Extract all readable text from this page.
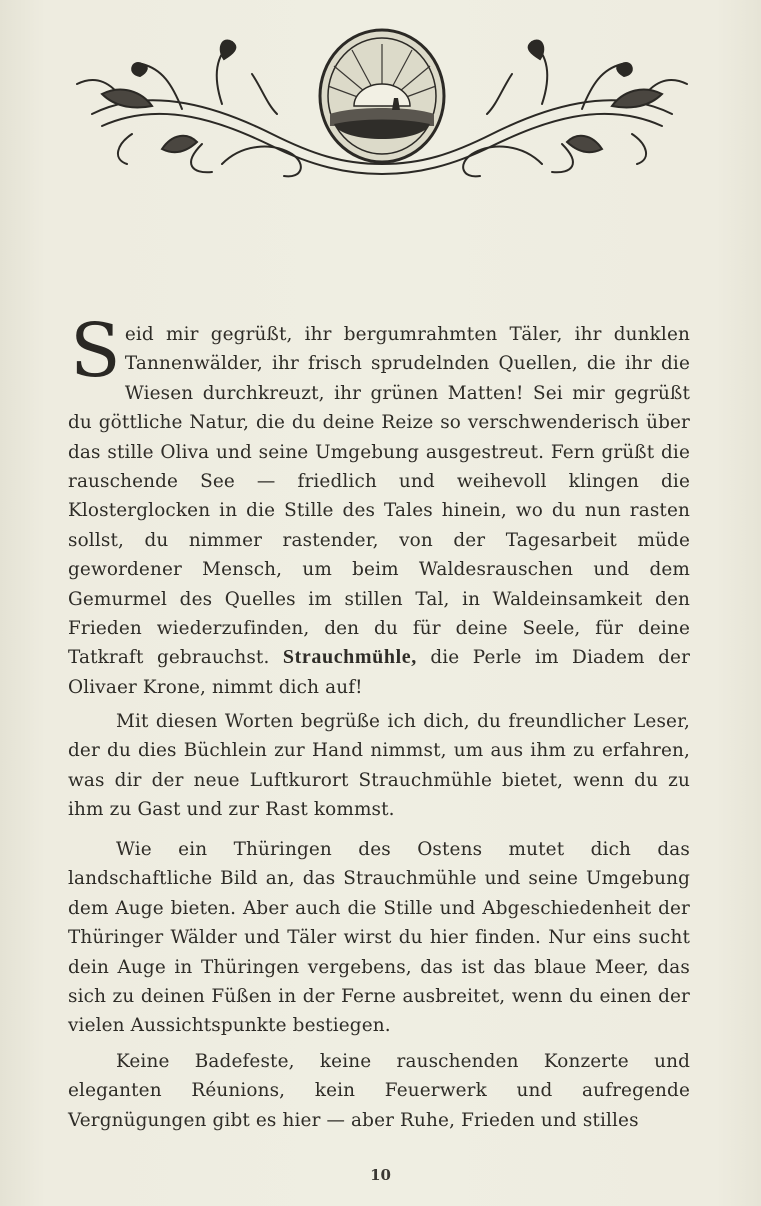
Seid mir gegrüßt, ihr bergumrahmten Täler, ihr dunklen Tannenwälder, ihr frisch sprudelnden Quellen, die ihr die Wiesen durchkreuzt, ihr grünen Matten! Sei mir gegrüßt du göttliche Natur, die du deine Reize so verschwenderisch über das stille Oliva und seine Umgebung ausgestreut. Fern grüßt die rauschende See — friedlich und weihevoll klingen die Klosterglocken in die Stille des Tales hinein, wo du nun rasten sollst, du nimmer rastender, von der Tagesarbeit müde gewordener Mensch, um beim Waldesrauschen und dem Gemurmel des Quelles im stillen Tal, in Waldeinsamkeit den Frieden wiederzufinden, den du für deine Seele, für deine Tatkraft gebrauchst. Strauchmühle, die Perle im Diadem der Olivaer Krone, nimmt dich auf!
Mit diesen Worten begrüße ich dich, du freundlicher Leser, der du dies Büchlein zur Hand nimmst, um aus ihm zu erfahren, was dir der neue Luftkurort Strauchmühle bietet, wenn du zu ihm zu Gast und zur Rast kommst.
Wie ein Thüringen des Ostens mutet dich das landschaftliche Bild an, das Strauchmühle und seine Umgebung dem Auge bieten. Aber auch die Stille und Abgeschiedenheit der Thüringer Wälder und Täler wirst du hier finden. Nur eins sucht dein Auge in Thüringen vergebens, das ist das blaue Meer, das sich zu deinen Füßen in der Ferne ausbreitet, wenn du einen der vielen Aussichtspunkte bestiegen.
Keine Badefeste, keine rauschenden Konzerte und eleganten Réunions, kein Feuerwerk und aufregende Vergnügungen gibt es hier — aber Ruhe, Frieden und stilles
10
